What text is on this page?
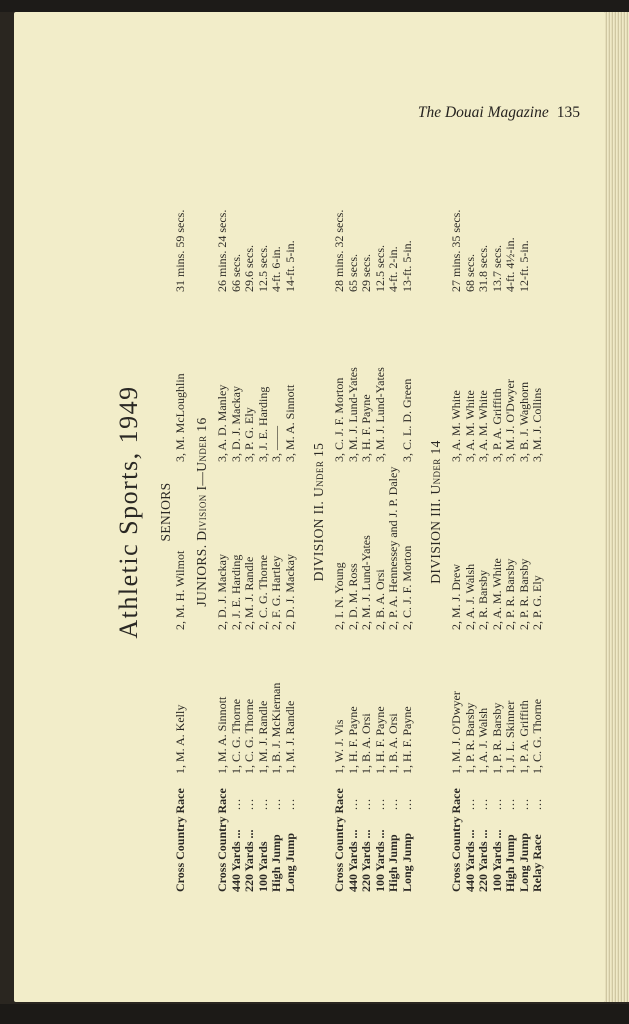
The Douai Magazine 135
Athletic Sports, 1949 SENIORS
Cross Country Race
1, M. A. Kelly
2, M. H. Wilmot
3, M. McLoughlin
31 mins. 59 secs.
JUNIORS. Division I—Under 16
Cross Country Race
1, M. A. Sinnott
2, D. J. Mackay
3, A. D. Manley
26 mins. 24 secs.
440 Yards ...
...
1, C. G. Thorne
2, J. E. Harding
3, D. J. Mackay
66 secs.
220 Yards ...
...
1, C. G. Thorne
2, M. J. Randle
3, P. G. Ely
29.6 secs.
100 Yards
...
1, M. J. Randle
2, C. G. Thorne
3, J. E. Harding
12.5 secs.
High Jump
...
1, B. J. McKiernan
2, F. G. Hartley
3, ——
4-ft. 6-in.
Long Jump
...
1, M. J. Randle
2, D. J. Mackay
3, M. A. Sinnott
14-ft. 5-in.
DIVISION II. Under 15
Cross Country Race
1, W. J. Vis
2, I. N. Young
3, C. J. F. Morton
28 mins. 32 secs.
440 Yards ...
...
1, H. F. Payne
2, D. M. Ross
3, M. J. Lund-Yates
65 secs.
220 Yards ...
...
1, B. A. Orsi
2, M. J. Lund-Yates
3, H. F. Payne
29 secs.
100 Yards ...
...
1, H. F. Payne
2, B. A. Orsi
3, M. J. Lund-Yates
12.5 secs.
High Jump
...
1, B. A. Orsi
2, P. A. Hennessey and J. P. Daley
4-ft. 2-in.
Long Jump
...
1, H. F. Payne
2, C. J. F. Morton
3, C. L. D. Green
13-ft. 5-in.
DIVISION III. Under 14
Cross Country Race
1, M. J. O'Dwyer
2, M. J. Drew
3, A. M. White
27 mins. 35 secs.
440 Yards ...
...
1, P. R. Barsby
2, A. J. Walsh
3, A. M. White
68 secs.
220 Yards ...
...
1, A. J. Walsh
2, R. Barsby
3, A. M. White
31.8 secs.
100 Yards ...
...
1, P. R. Barsby
2, A. M. White
3, P. A. Griffith
13.7 secs.
High Jump
...
1, J. L. Skinner
2, P. R. Barsby
3, M. J. O'Dwyer
4-ft. 4½-in.
Long Jump
...
1, P. A. Griffith
2, P. R. Barsby
3, B. J. Waghorn
12-ft. 5-in.
Relay Race
...
1, C. G. Thorne
2, P. G. Ely
3, M. J. Collins
